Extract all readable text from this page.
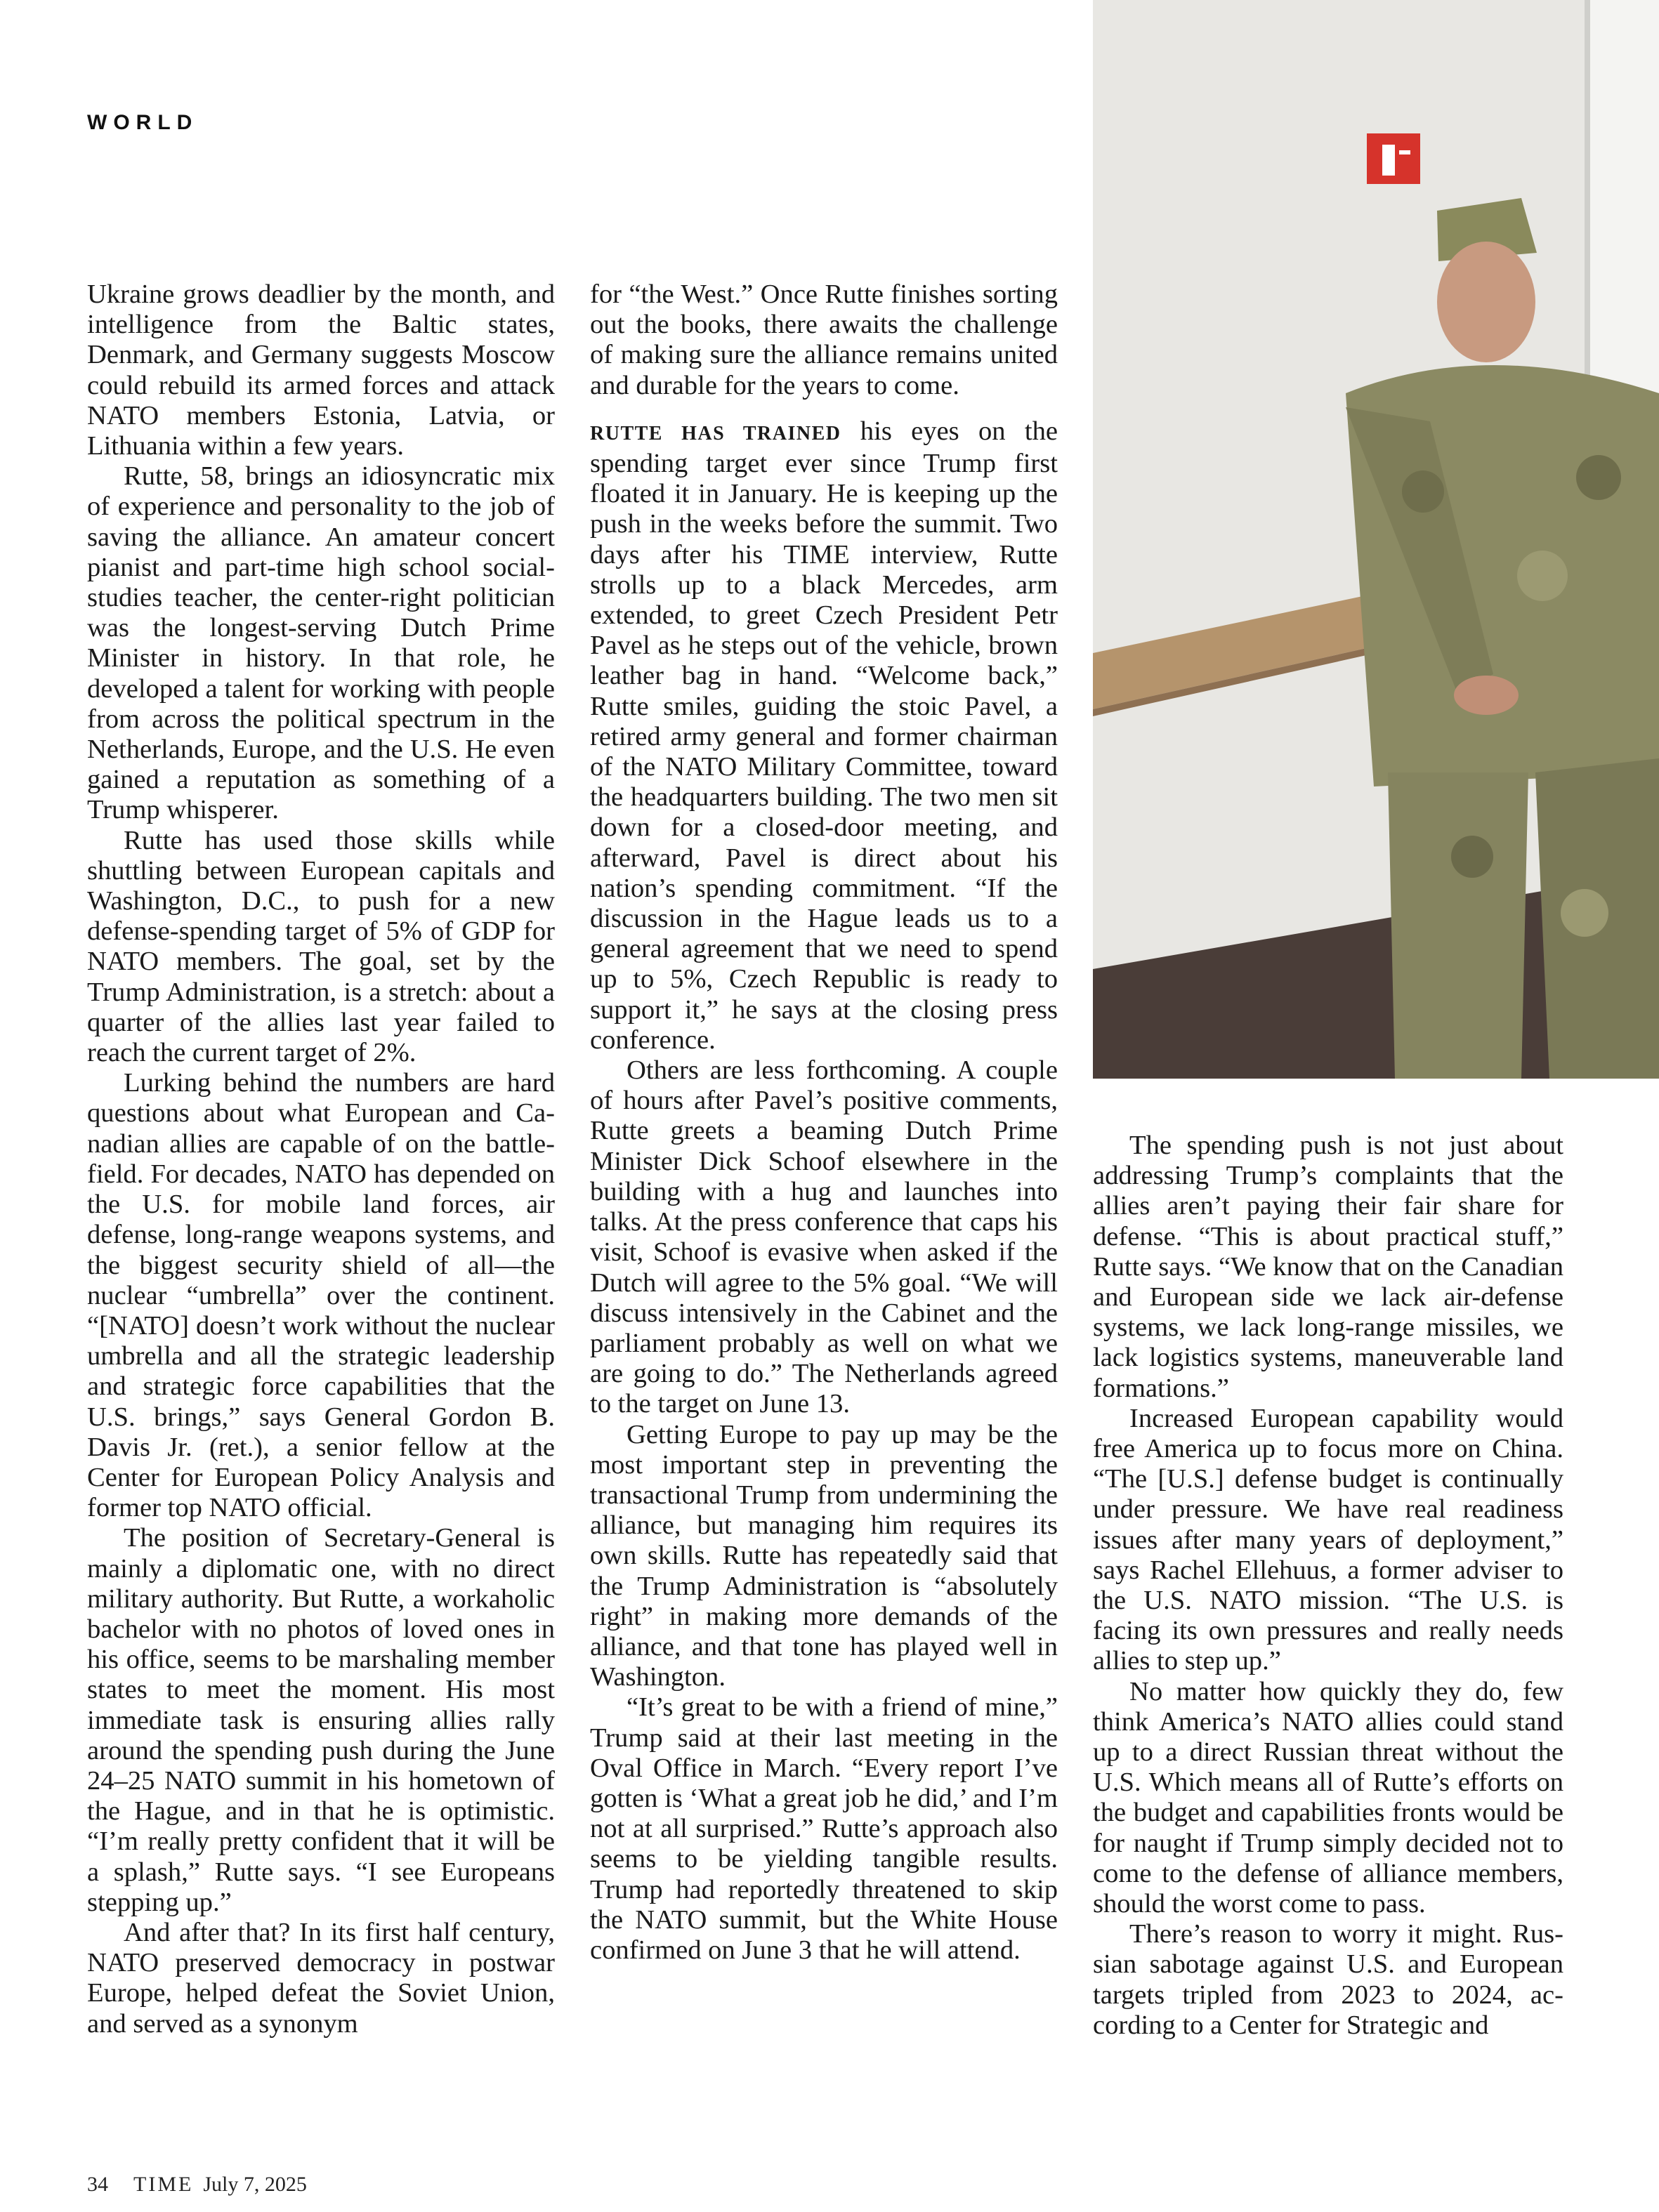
WORLD

Ukraine grows deadlier by the month, and intelligence from the Baltic states, Denmark, and Germany suggests Moscow could rebuild its armed forces and attack NATO members Estonia, Latvia, or Lithuania within a few years.

Rutte, 58, brings an idiosyncratic mix of experience and personality to the job of saving the alliance. An amateur concert pianist and part-time high school social-studies teacher, the center-right politician was the longest-serving Dutch Prime Minister in history. In that role, he developed a talent for working with people from across the political spectrum in the Netherlands, Europe, and the U.S. He even gained a reputation as something of a Trump whisperer.

Rutte has used those skills while shuttling between European capitals and Washington, D.C., to push for a new defense-spending target of 5% of GDP for NATO members. The goal, set by the Trump Administration, is a stretch: about a quarter of the allies last year failed to reach the current target of 2%.

Lurking behind the numbers are hard questions about what European and Canadian allies are capable of on the battlefield. For decades, NATO has depended on the U.S. for mobile land forces, air defense, long-range weapons systems, and the biggest security shield of all—the nuclear “umbrella” over the continent. “[NATO] doesn’t work without the nuclear umbrella and all the strategic leadership and strategic force capabilities that the U.S. brings,” says General Gordon B. Davis Jr. (ret.), a senior fellow at the Center for European Policy Analysis and former top NATO official.

The position of Secretary-General is mainly a diplomatic one, with no direct military authority. But Rutte, a workaholic bachelor with no photos of loved ones in his office, seems to be marshaling member states to meet the moment. His most immediate task is ensuring allies rally around the spending push during the June 24–25 NATO summit in his hometown of the Hague, and in that he is optimistic. “I’m really pretty confident that it will be a splash,” Rutte says. “I see Europeans stepping up.”

And after that? In its first half century, NATO preserved democracy in postwar Europe, helped defeat the Soviet Union, and served as a synonym

for “the West.” Once Rutte finishes sorting out the books, there awaits the challenge of making sure the alliance remains united and durable for the years to come.

RUTTE HAS TRAINED his eyes on the spending target ever since Trump first floated it in January. He is keeping up the push in the weeks before the summit. Two days after his TIME interview, Rutte strolls up to a black Mercedes, arm extended, to greet Czech President Petr Pavel as he steps out of the vehicle, brown leather bag in hand. “Welcome back,” Rutte smiles, guiding the stoic Pavel, a retired army general and former chairman of the NATO Military Committee, toward the headquarters building. The two men sit down for a closed-door meeting, and afterward, Pavel is direct about his nation’s spending commitment. “If the discussion in the Hague leads us to a general agreement that we need to spend up to 5%, Czech Republic is ready to support it,” he says at the closing press conference.

Others are less forthcoming. A couple of hours after Pavel’s positive comments, Rutte greets a beaming Dutch Prime Minister Dick Schoof elsewhere in the building with a hug and launches into talks. At the press conference that caps his visit, Schoof is evasive when asked if the Dutch will agree to the 5% goal. “We will discuss intensively in the Cabinet and the parliament probably as well on what we are going to do.” The Netherlands agreed to the target on June 13.

Getting Europe to pay up may be the most important step in preventing the transactional Trump from undermining the alliance, but managing him requires its own skills. Rutte has repeatedly said that the Trump Administration is “absolutely right” in making more demands of the alliance, and that tone has played well in Washington.

“It’s great to be with a friend of mine,” Trump said at their last meeting in the Oval Office in March. “Every report I’ve gotten is ‘What a great job he did,’ and I’m not at all surprised.” Rutte’s approach also seems to be yielding tangible results. Trump had reportedly threatened to skip the NATO summit, but the White House confirmed on June 3 that he will attend.

The spending push is not just about addressing Trump’s complaints that the allies aren’t paying their fair share for defense. “This is about practical stuff,” Rutte says. “We know that on the Canadian and European side we lack air-defense systems, we lack long-range missiles, we lack logistics systems, maneuverable land formations.”

Increased European capability would free America up to focus more on China. “The [U.S.] defense budget is continually under pressure. We have real readiness issues after many years of deployment,” says Rachel Ellehuus, a former adviser to the U.S. NATO mission. “The U.S. is facing its own pressures and really needs allies to step up.”

No matter how quickly they do, few think America’s NATO allies could stand up to a direct Russian threat without the U.S. Which means all of Rutte’s efforts on the budget and capabilities fronts would be for naught if Trump simply decided not to come to the defense of alliance members, should the worst come to pass.

There’s reason to worry it might. Russian sabotage against U.S. and European targets tripled from 2023 to 2024, according to a Center for Strategic and

34 TIME July 7, 2025
